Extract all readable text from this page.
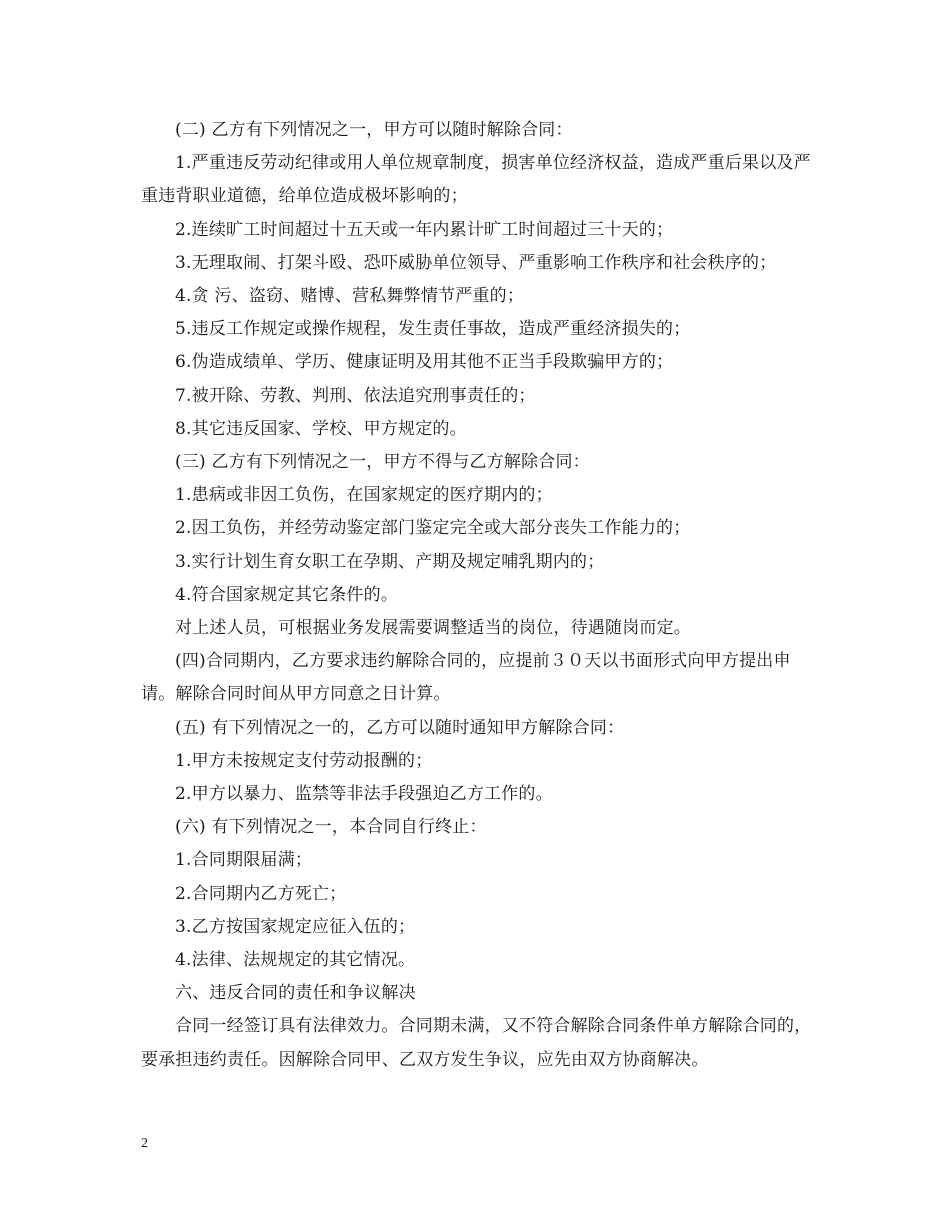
(二) 乙方有下列情况之一，甲方可以随时解除合同：

1.严重违反劳动纪律或用人单位规章制度，损害单位经济权益，造成严重后果以及严重违背职业道德，给单位造成极坏影响的；

2.连续旷工时间超过十五天或一年内累计旷工时间超过三十天的；

3.无理取闹、打架斗殴、恐吓威胁单位领导、严重影响工作秩序和社会秩序的；

4.贪 污、盗窃、赌博、营私舞弊情节严重的；

5.违反工作规定或操作规程，发生责任事故，造成严重经济损失的；

6.伪造成绩单、学历、健康证明及用其他不正当手段欺骗甲方的；

7.被开除、劳教、判刑、依法追究刑事责任的；

8.其它违反国家、学校、甲方规定的。

(三) 乙方有下列情况之一，甲方不得与乙方解除合同：

1.患病或非因工负伤，在国家规定的医疗期内的；

2.因工负伤，并经劳动鉴定部门鉴定完全或大部分丧失工作能力的；

3.实行计划生育女职工在孕期、产期及规定哺乳期内的；

4.符合国家规定其它条件的。

对上述人员，可根据业务发展需要调整适当的岗位，待遇随岗而定。

(四)合同期内，乙方要求违约解除合同的，应提前３０天以书面形式向甲方提出申请。解除合同时间从甲方同意之日计算。

(五) 有下列情况之一的，乙方可以随时通知甲方解除合同：

1.甲方未按规定支付劳动报酬的；

2.甲方以暴力、监禁等非法手段强迫乙方工作的。

(六) 有下列情况之一，本合同自行终止：

1.合同期限届满；

2.合同期内乙方死亡；

3.乙方按国家规定应征入伍的；

4.法律、法规规定的其它情况。

六、违反合同的责任和争议解决

合同一经签订具有法律效力。合同期未满，又不符合解除合同条件单方解除合同的，要承担违约责任。因解除合同甲、乙双方发生争议，应先由双方协商解决。

2
